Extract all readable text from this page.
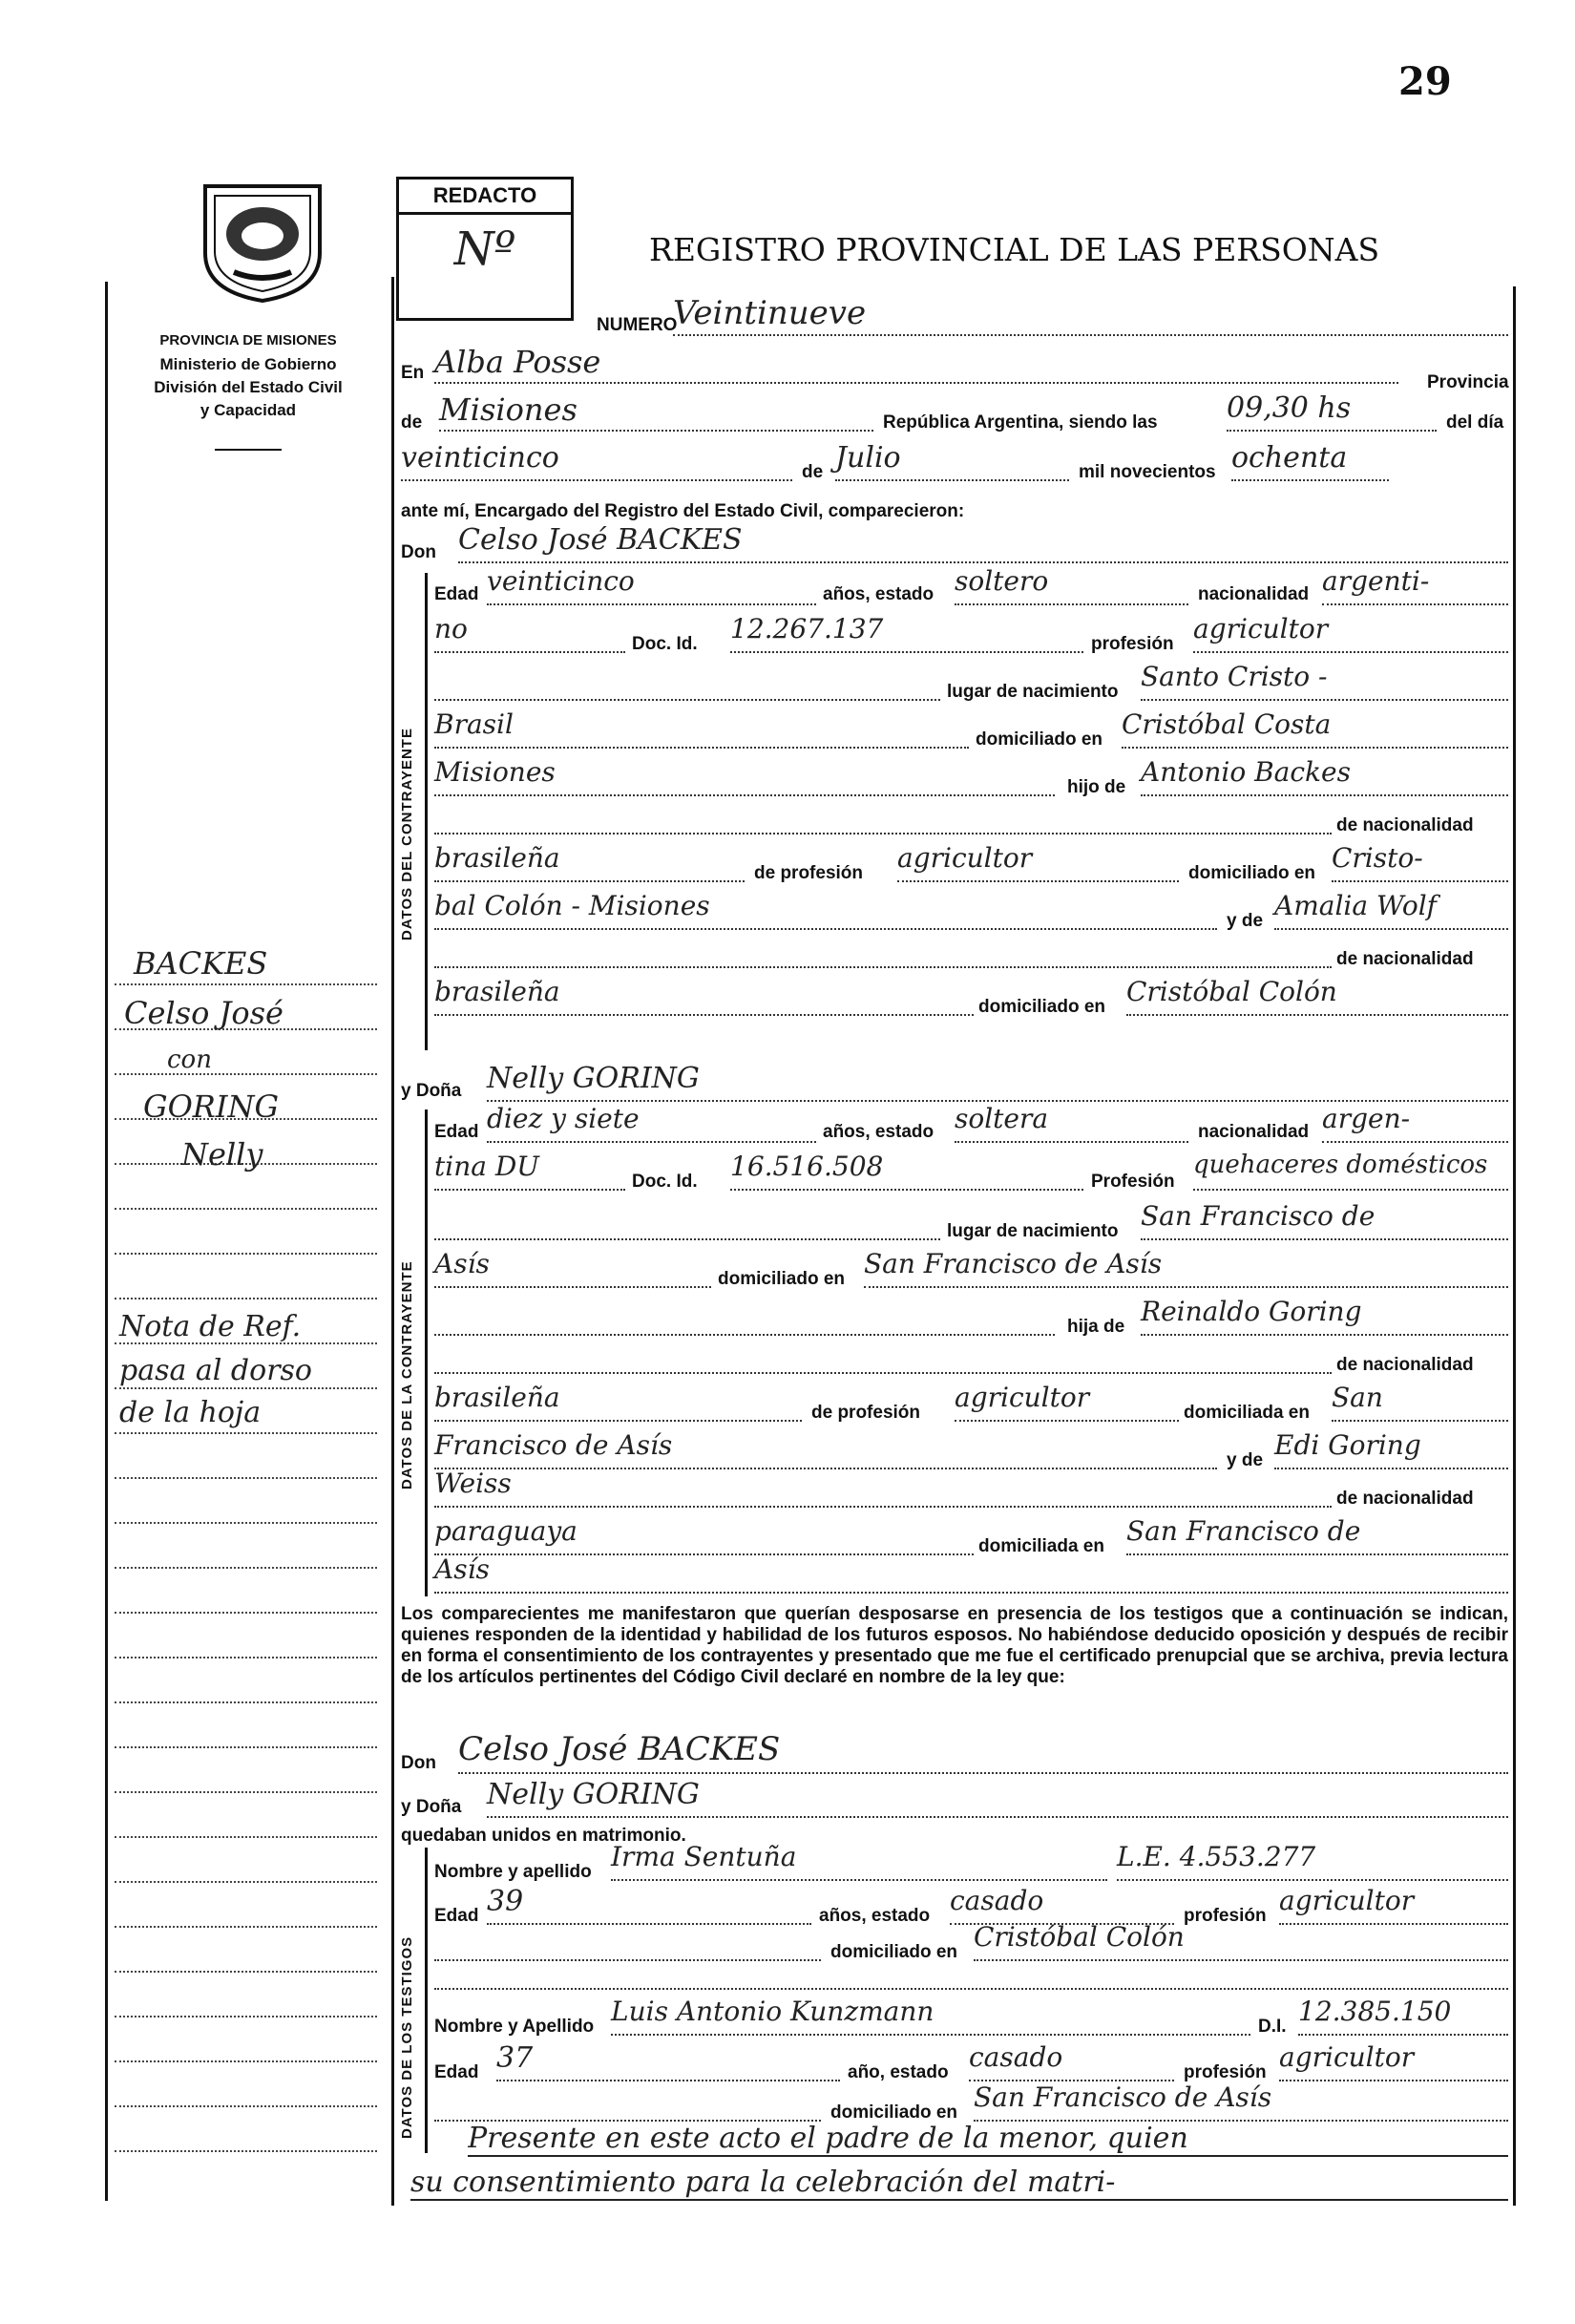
29
PROVINCIA DE MISIONES
Ministerio de Gobierno
División del Estado Civil
y Capacidad
BACKES
Celso José
con
GORING
Nelly
Nota de Ref.
pasa al dorso
de la hoja
REDACTO
Nº	REGISTRO PROVINCIAL DE LAS PERSONAS
NUMERO
Veintinueve
En Alba Posse
Provincia
de Misiones	República Argentina, siendo las 09,30 hs	del día
veinticinco	de Julio	mil novecientos ochenta
ante mí, Encargado del Registro del Estado Civil, comparecieron:
Don Celso José BACKES
DATOS DEL CONTRAYENTE
Edad veinticinco	años, estado soltero	nacionalidad argenti-
no	Doc. Id. 12.267.137	profesión agricultor
lugar de nacimiento Santo Cristo -
Brasil	domiciliado en Cristóbal Costa
Misiones	hijo de Antonio Backes
de nacionalidad
brasileña	de profesión agricultor	domiciliado en Cristo-
bal Colón - Misiones	y de Amalia Wolf
de nacionalidad
brasileña	domiciliado en Cristóbal Colón
y Doña Nelly GORING
DATOS DE LA CONTRAYENTE
Edad diez y siete	años, estado soltera	nacionalidad argen-
tina DU	Doc. Id. 16.516.508	Profesión
quehaceres domésticos
lugar de nacimiento San Francisco de
Asís	domiciliado en San Francisco de Asís
hija de Reinaldo Goring
de nacionalidad
brasileña	de profesión agricultor	domiciliada en San
Francisco de Asís	y de Edi Goring
Weiss	de nacionalidad
paraguaya	domiciliada en San Francisco de
Asís
Los comparecientes me manifestaron que querían desposarse en presencia de los testigos que a continuación se indican, quienes responden de la identidad y habilidad de los futuros esposos. No habiéndose deducido oposición y después de recibir en forma el consentimiento de los contrayentes y presentado que me fue el certificado prenupcial que se archiva, previa lectura de los artículos pertinentes del Código Civil declaré en nombre de la ley que:
Don Celso José BACKES
y Doña Nelly GORING
quedaban unidos en matrimonio.
DATOS DE LOS TESTIGOS
Nombre y apellido Irma Sentuña	L.E. 4.553.277
Edad 39	años, estado casado	profesión agricultor
domiciliado en Cristóbal Colón
Nombre y Apellido Luis Antonio Kunzmann	D.I. 12.385.150
Edad 37	año, estado casado	profesión agricultor
domiciliado en San Francisco de Asís
Presente en este acto el padre de la menor, quien
su consentimiento para la celebración del matri-
